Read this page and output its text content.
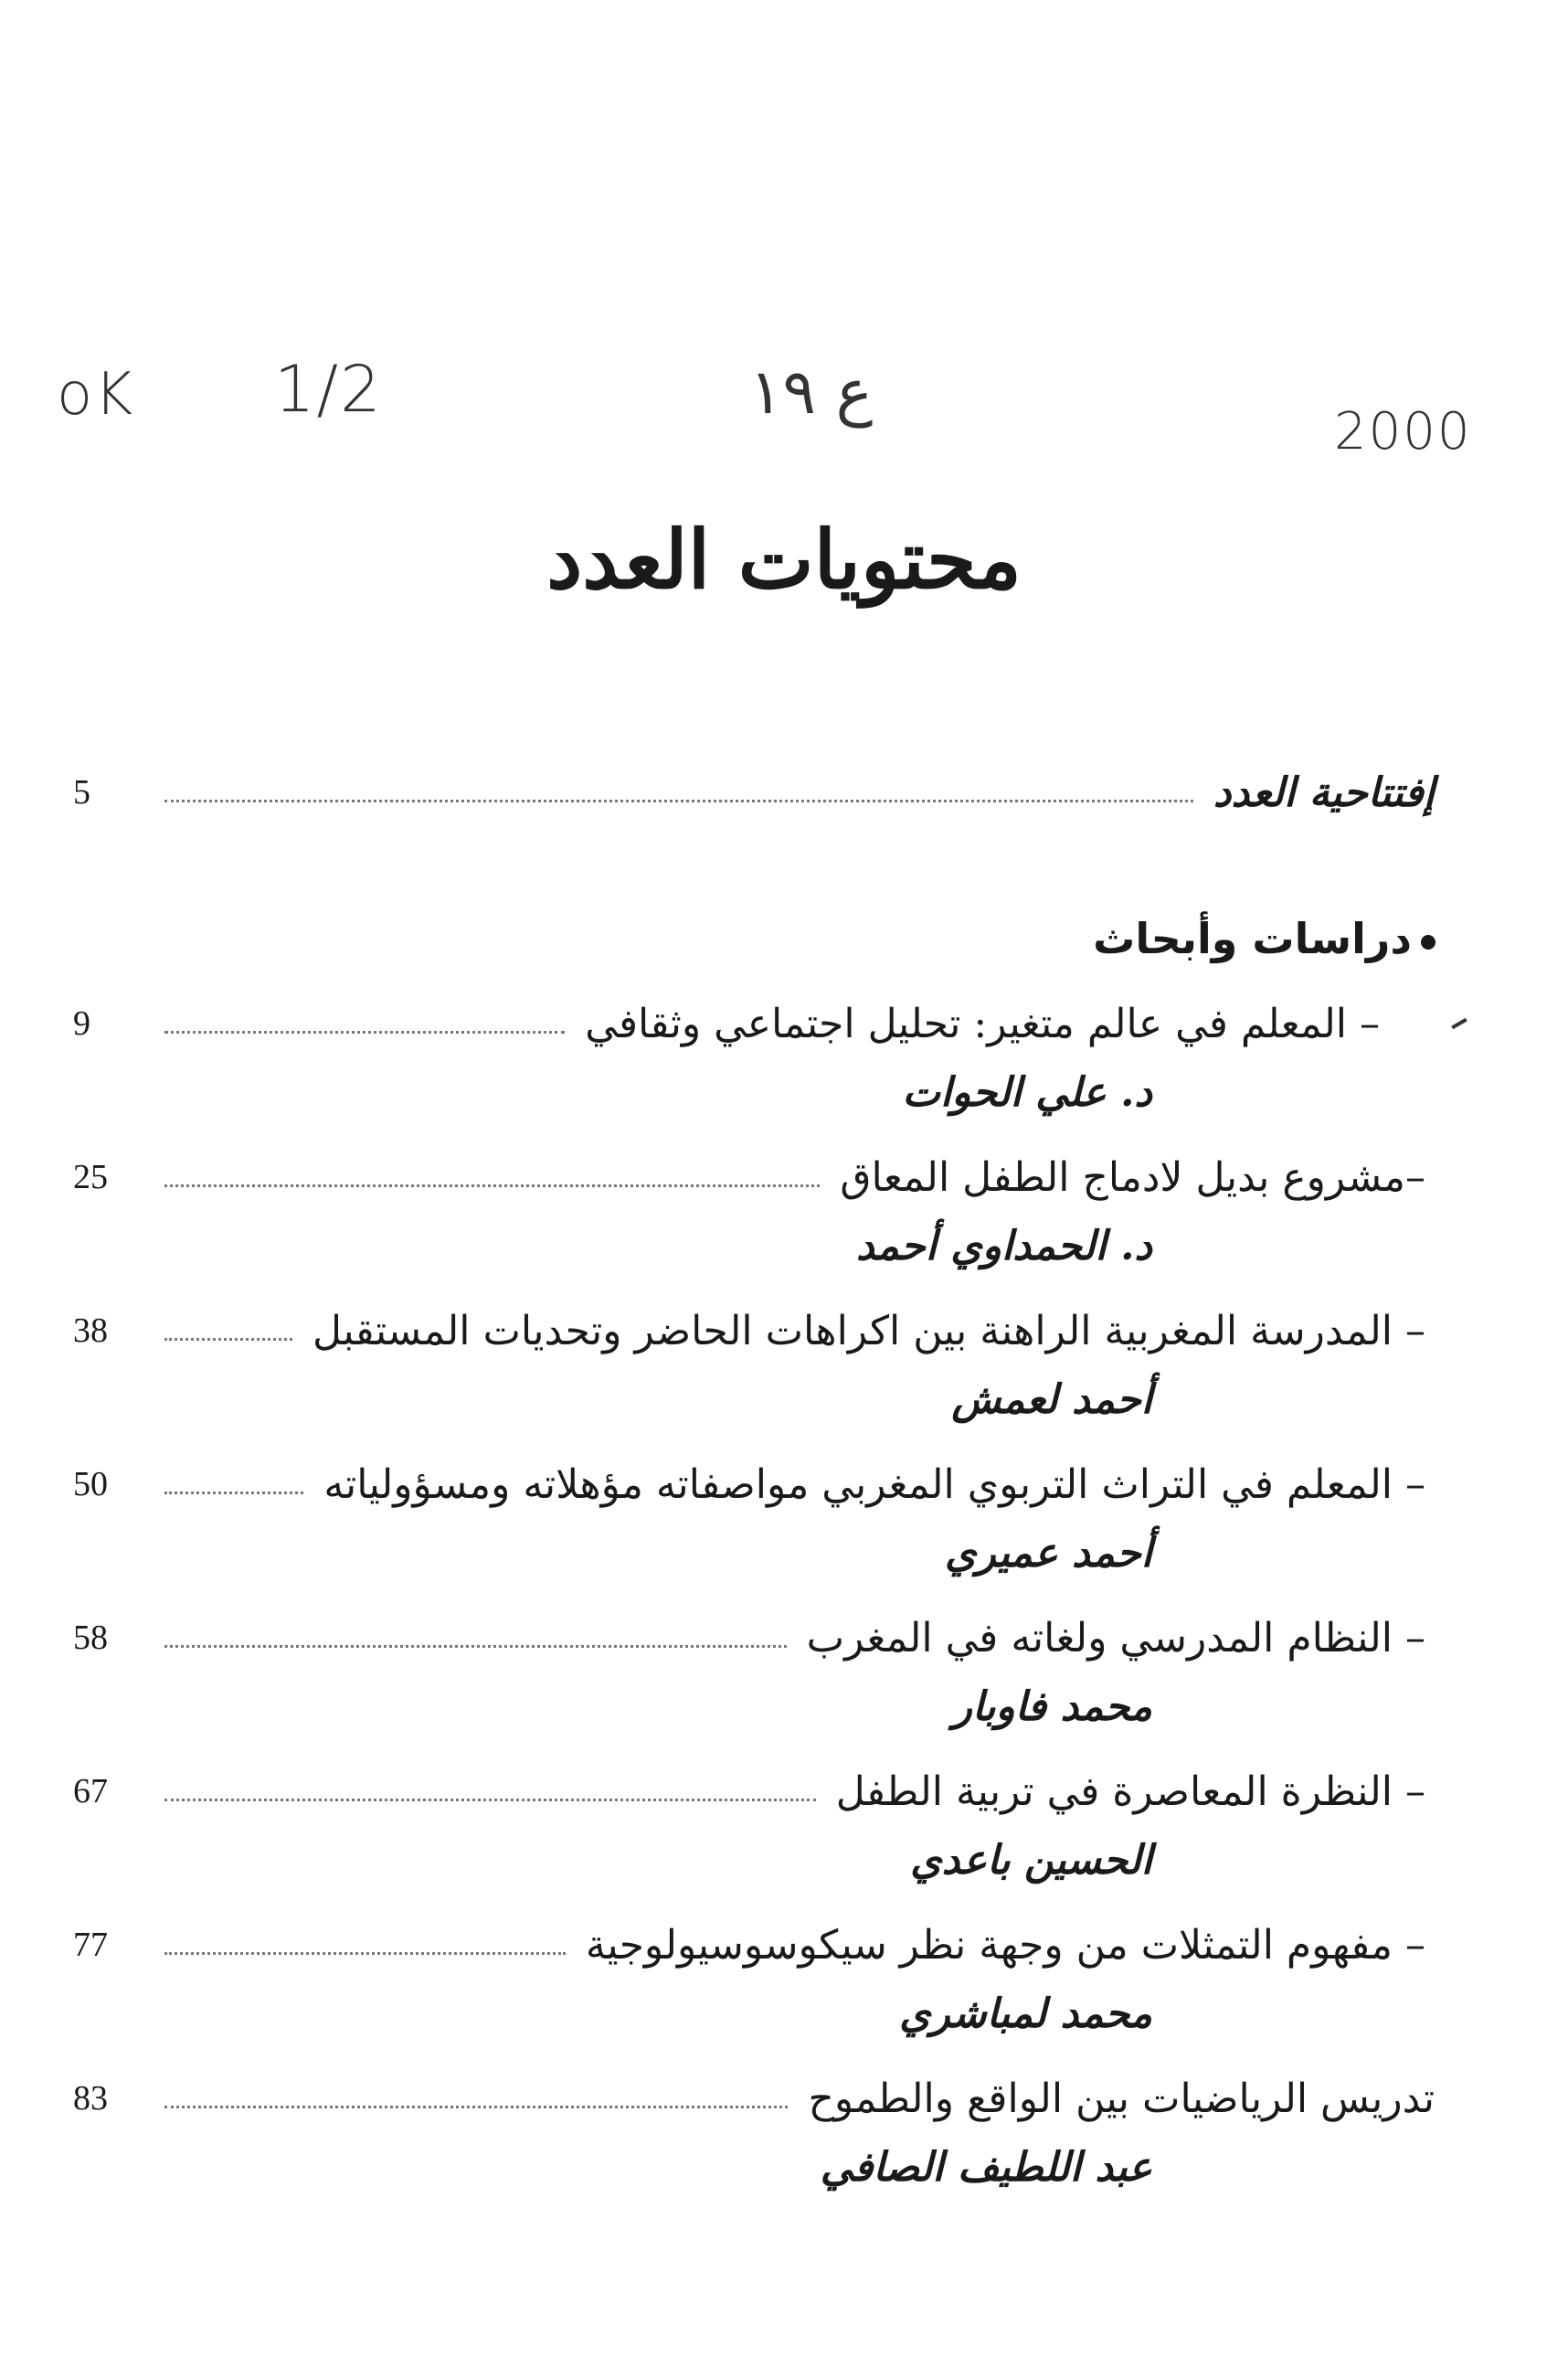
oK 1/2	ع ١٩
2000
محتويات العدد
إفتتاحية العدد
5
دراسات وأبحاث
– المعلم في عالم متغير: تحليل اجتماعي وثقافي
9
د. علي الحوات
–مشروع بديل لادماج الطفل المعاق
25
د. الحمداوي أحمد
– المدرسة المغربية الراهنة بين اكراهات الحاضر وتحديات المستقبل
38
أحمد لعمش
– المعلم في التراث التربوي المغربي مواصفاته مؤهلاته ومسؤولياته
50
أحمد عميري
– النظام المدرسي ولغاته في المغرب
58
محمد فاوبار
– النظرة المعاصرة في تربية الطفل
67
الحسين باعدي
– مفهوم التمثلات من وجهة نظر سيكوسوسيولوجية
77
محمد لمباشري
تدريس الرياضيات بين الواقع والطموح
83
عبد اللطيف الصافي
